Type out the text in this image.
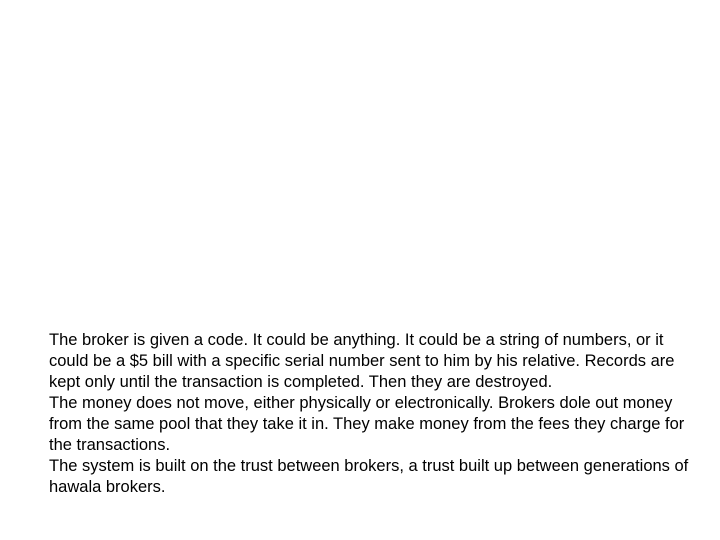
The broker is given a code. It could be anything. It could be a string of numbers, or it could be a $5 bill with a specific serial number sent to him by his relative. Records are kept only until the transaction is completed. Then they are destroyed.

The money does not move, either physically or electronically. Brokers dole out money from the same pool that they take it in. They make money from the fees they charge for the transactions.

The system is built on the trust between brokers, a trust built up between generations of hawala brokers.
